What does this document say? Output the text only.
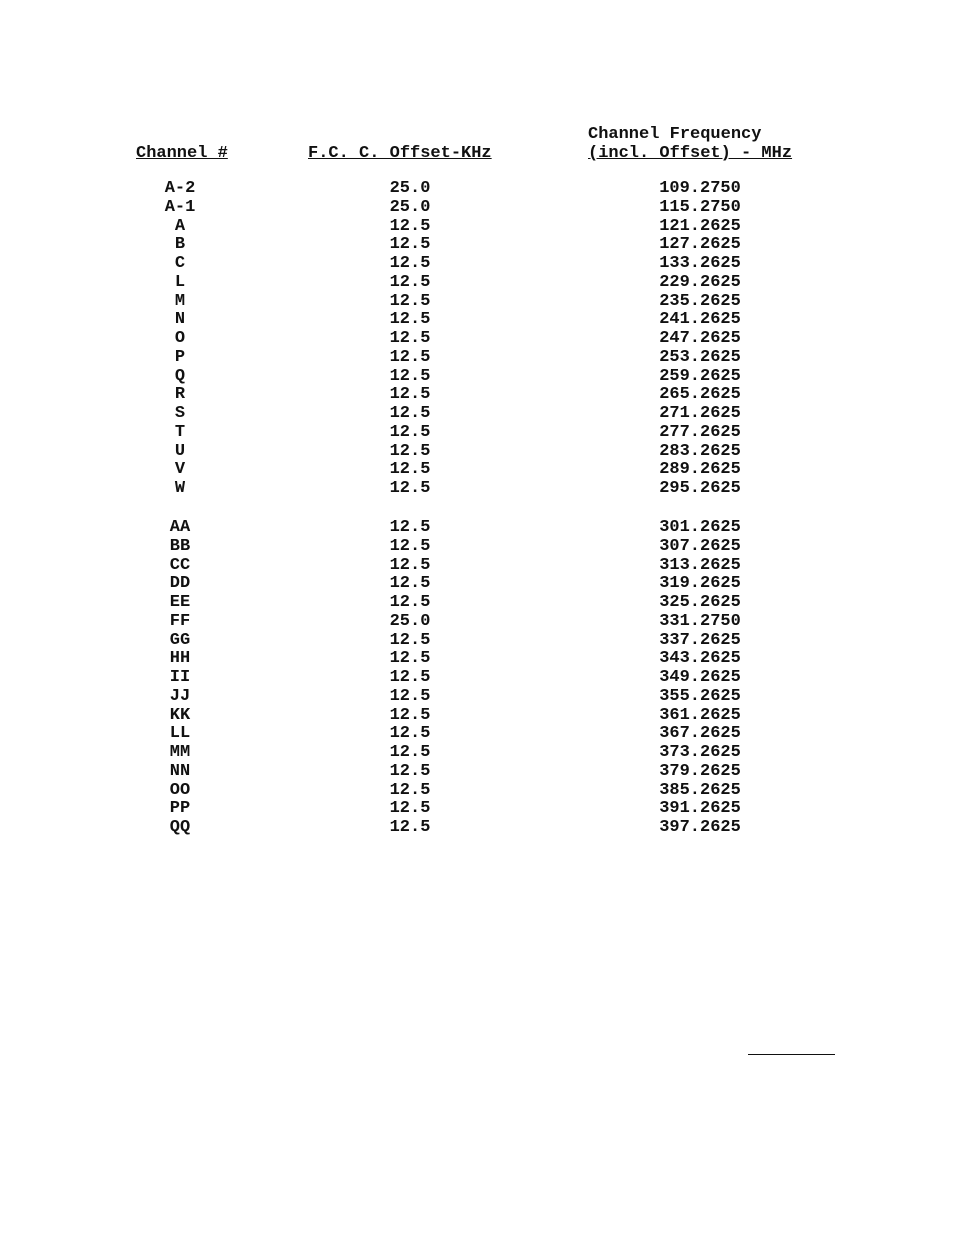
Channel #	F.C. C. Offset-KHz
Channel Frequency
(incl. Offset) - MHz
A-2
A-1
A
B
C
L
M
N
O
P
Q
R
S
T
U
V
W
25.0
25.0
12.5
12.5
12.5
12.5
12.5
12.5
12.5
12.5
12.5
12.5
12.5
12.5
12.5
12.5
12.5
109.2750
115.2750
121.2625
127.2625
133.2625
229.2625
235.2625
241.2625
247.2625
253.2625
259.2625
265.2625
271.2625
277.2625
283.2625
289.2625
295.2625
AA
BB
CC
DD
EE
FF
GG
HH
II
JJ
KK
LL
MM
NN
OO
PP
QQ
12.5
12.5
12.5
12.5
12.5
25.0
12.5
12.5
12.5
12.5
12.5
12.5
12.5
12.5
12.5
12.5
12.5
301.2625
307.2625
313.2625
319.2625
325.2625
331.2750
337.2625
343.2625
349.2625
355.2625
361.2625
367.2625
373.2625
379.2625
385.2625
391.2625
397.2625
